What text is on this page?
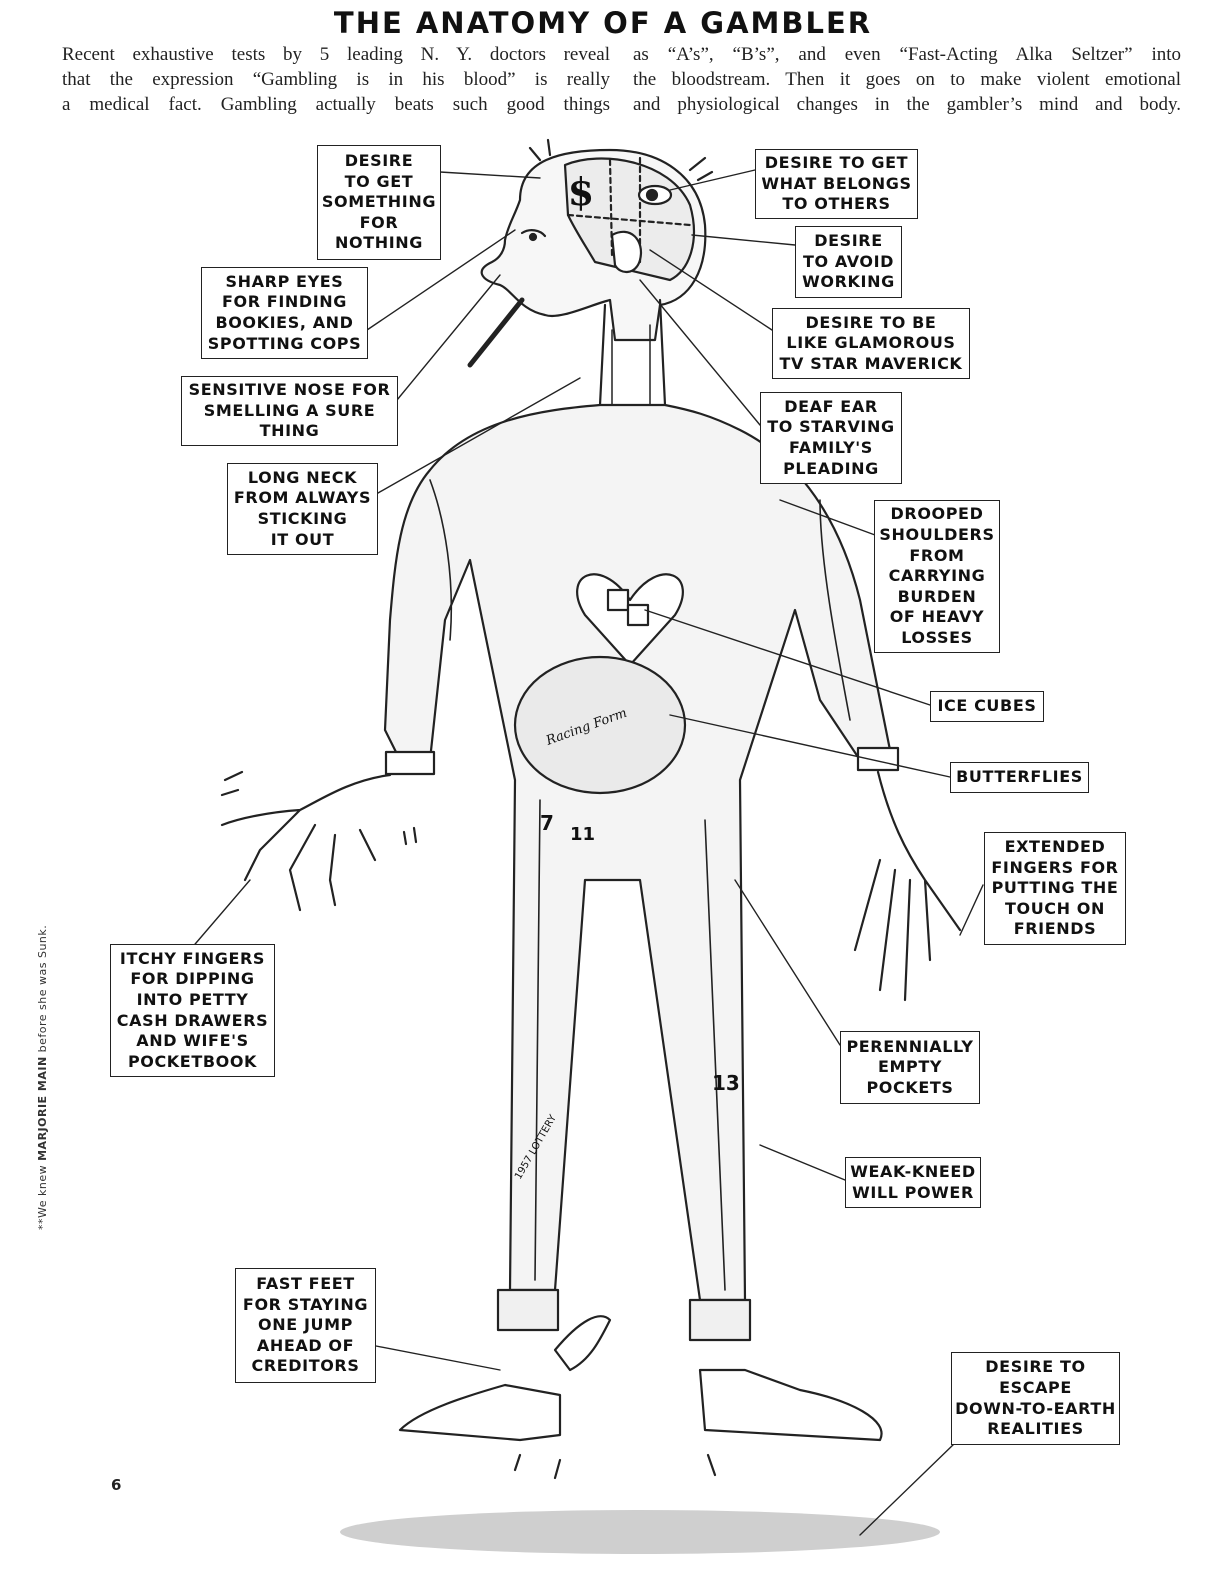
THE ANATOMY OF A GAMBLER
Recent exhaustive tests by 5 leading N. Y. doctors reveal
that the expression “Gambling is in his blood” is really
a medical fact. Gambling actually beats such good things
as “A’s”, “B’s”, and even “Fast-Acting Alka Seltzer” into
the bloodstream. Then it goes on to make violent emotional
and physiological changes in the gambler’s mind and body.
$
Racing Form
1957 LOTTERY
13
11
7
DESIRE
TO GET
SOMETHING
FOR
NOTHING
DESIRE TO GET
WHAT BELONGS
TO OTHERS
SHARP EYES
FOR FINDING
BOOKIES, AND
SPOTTING COPS
DESIRE
TO AVOID
WORKING
DESIRE TO BE
LIKE GLAMOROUS
TV STAR MAVERICK
SENSITIVE NOSE FOR
SMELLING A SURE
THING
DEAF EAR
TO STARVING
FAMILY'S
PLEADING
LONG NECK
FROM ALWAYS
STICKING
IT OUT
DROOPED
SHOULDERS
FROM
CARRYING
BURDEN
OF HEAVY
LOSSES
ICE CUBES
BUTTERFLIES
EXTENDED
FINGERS FOR
PUTTING THE
TOUCH ON
FRIENDS
ITCHY FINGERS
FOR DIPPING
INTO PETTY
CASH DRAWERS
AND WIFE'S
POCKETBOOK
PERENNIALLY
EMPTY
POCKETS
WEAK-KNEED
WILL POWER
FAST FEET
FOR STAYING
ONE JUMP
AHEAD OF
CREDITORS	DESIRE TO
ESCAPE
DOWN-TO-EARTH
REALITIES
**We knew MARJORIE MAIN before she was Sunk.
6
